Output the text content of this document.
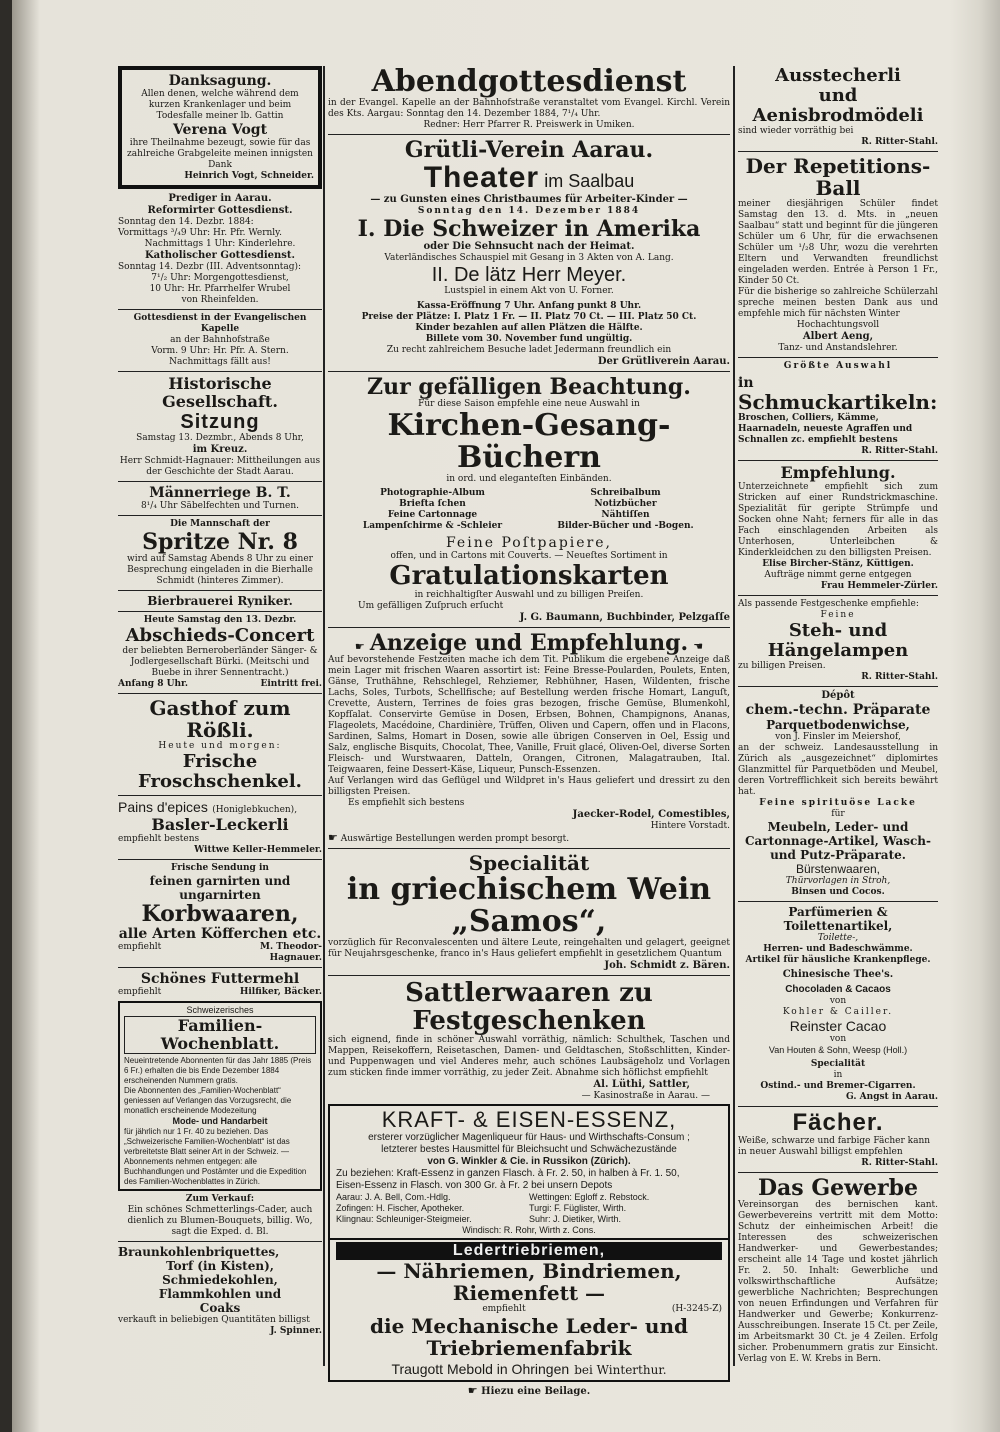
Danksagung.
Allen denen, welche während dem kurzen Krankenlager und beim Todesfalle meiner lb. Gattin
Verena Vogt
ihre Theilnahme bezeugt, sowie für das zahlreiche Grabgeleite meinen innigsten Dank
Heinrich Vogt, Schneider.
Prediger in Aarau.
Reformirter Gottesdienst.
Sonntag den 14. Dezbr. 1884:
Vormittags ³/₄9 Uhr: Hr. Pfr. Wernly.
Nachmittags 1 Uhr: Kinderlehre.
Katholischer Gottesdienst.
Sonntag 14. Dezbr (III. Adventsonntag):
7¹/₂ Uhr: Morgengottesdienst,
10 Uhr: Hr. Pfarrhelfer Wrubel
von Rheinfelden.
Gottesdienst in der Evangelischen Kapelle
an der Bahnhofstraße
Vorm. 9 Uhr: Hr. Pfr. A. Stern.
Nachmittags fällt aus!
Historische Gesellschaft.
Sitzung
Samstag 13. Dezmbr., Abends 8 Uhr,
im Kreuz.
Herr Schmidt-Hagnauer: Mittheilungen aus der Geschichte der Stadt Aarau.
Männerriege B. T.
8¹/₄ Uhr Säbelfechten und Turnen.
Die Mannschaft der
Spritze Nr. 8
wird auf Samstag Abends 8 Uhr zu einer Besprechung eingeladen in die Bierhalle Schmidt (hinteres Zimmer).
Bierbrauerei Ryniker.
Heute Samstag den 13. Dezbr.
Abschieds-Concert
der beliebten Berneroberländer Sänger- & Jodlergesellschaft Bürki. (Meitschi und Buebe in ihrer Sennentracht.)
Anfang 8 Uhr.	Eintritt frei.
Gasthof zum Rößli.
Heute und morgen:
Frische Froschschenkel.
Pains d'epices (Honiglebkuchen),
Basler-Leckerli
empfiehlt bestens
Wittwe Keller-Hemmeler.
Frische Sendung in
feinen garnirten und ungarnirten
Korbwaaren,
alle Arten Köfferchen etc.
empfiehlt	M. Theodor-Hagnauer.
Schönes Futtermehl
empfiehlt	Hilfiker, Bäcker.
Schweizerisches
Familien-Wochenblatt.
Neueintretende Abonnenten für das Jahr 1885 (Preis 6 Fr.) erhalten die bis Ende Dezember 1884 erscheinenden Nummern gratis.
Die Abonnenten des „Familien-Wochenblatt“ geniessen auf Verlangen das Vorzugsrecht, die monatlich erscheinende Modezeitung
Mode- und Handarbeit
für jährlich nur 1 Fr. 40 zu beziehen. Das „Schweizerische Familien-Wochenblatt“ ist das verbreitetste Blatt seiner Art in der Schweiz. — Abonnements nehmen entgegen: alle Buchhandlungen und Postämter und die Expedition des Familien-Wochenblattes in Zürich.
Zum Verkauf:
Ein schönes Schmetterlings-Cader, auch dienlich zu Blumen-Bouquets, billig. Wo, sagt die Exped. d. Bl.
Braunkohlenbriquettes,
Torf (in Kisten),
Schmiedekohlen,
Flammkohlen und
Coaks
verkauft in beliebigen Quantitäten billigst
J. Spinner.
Abendgottesdienst
in der Evangel. Kapelle an der Bahnhofstraße veranstaltet vom Evangel. Kirchl. Verein des Kts. Aargau: Sonntag den 14. Dezember 1884, 7¹/₄ Uhr.
Redner: Herr Pfarrer R. Preiswerk in Umiken.
Grütli-Verein Aarau.
Theater im Saalbau
— zu Gunsten eines Christbaumes für Arbeiter-Kinder —
Sonntag den 14. Dezember 1884
I. Die Schweizer in Amerika
oder Die Sehnsucht nach der Heimat.
Vaterländisches Schauspiel mit Gesang in 3 Akten von A. Lang.
II. De lätz Herr Meyer.
Lustspiel in einem Akt von U. Forner.
Kassa-Eröffnung 7 Uhr. Anfang punkt 8 Uhr.
Preise der Plätze: I. Platz 1 Fr. — II. Platz 70 Ct. — III. Platz 50 Ct.
Kinder bezahlen auf allen Plätzen die Hälfte.
Billete vom 30. November fund ungültig.
Zu recht zahlreichem Besuche ladet Jedermann freundlich ein
Der Grütliverein Aarau.
Zur gefälligen Beachtung.
Für diese Saison empfehle eine neue Auswahl in
Kirchen-Gesang-Büchern
in ord. und eleganteſten Einbänden.
Photographie-Album
Briefta ſchen
Feine Cartonnage
Lampenſchirme & -Schleier
Schreibalbum
Notizbücher
Nähtiſſen
Bilder-Bücher und -Bogen.
Feine Poſtpapiere,
offen, und in Cartons mit Couverts. — Neueſtes Sortiment in
Gratulationskarten
in reichhaltigſter Auswahl und zu billigen Preiſen.
Um gefälligen Zuſpruch erſucht
J. G. Baumann, Buchbinder, Pelzgaſſe
☛ Anzeige und Empfehlung. ☚
Auf bevorstehende Festzeiten mache ich dem Tit. Publikum die ergebene Anzeige daß mein Lager mit frischen Waaren assortirt ist: Feine Bresse-Poularden, Poulets, Enten, Gänse, Truthähne, Rehschlegel, Rehziemer, Rebhühner, Hasen, Wildenten, frische Lachs, Soles, Turbots, Schellfische; auf Bestellung werden frische Homart, Languſt, Crevette, Austern, Terrines de foies gras bezogen, frische Gemüse, Blumenkohl, Kopfſalat. Conservirte Gemüse in Dosen, Erbsen, Bohnen, Champignons, Ananas, Flageolets, Macédoine, Chardinière, Trüffen, Oliven und Capern, offen und in Flacons, Sardinen, Salms, Homart in Dosen, sowie alle übrigen Conserven in Oel, Essig und Salz, englische Bisquits, Chocolat, Thee, Vanille, Fruit glacé, Oliven-Oel, diverse Sorten Fleisch- und Wurstwaaren, Datteln, Orangen, Citronen, Malagatrauben, Ital. Teigwaaren, feine Dessert-Käse, Liqueur, Punsch-Essenzen.
Auf Verlangen wird das Geflügel und Wildpret in's Haus geliefert und dressirt zu den billigsten Preisen.
Es empfiehlt sich bestens
Jaecker-Rodel, Comestibles,
Hintere Vorstadt.
☛ Auswärtige Bestellungen werden prompt besorgt.
Specialität
in griechischem Wein „Samos“,
vorzüglich für Reconvalescenten und ältere Leute, reingehalten und gelagert, geeignet für Neujahrsgeschenke, franco in's Haus geliefert empfiehlt in gesetzlichem Quantum
Joh. Schmidt z. Bären.
Sattlerwaaren zu Festgeschenken
sich eignend, finde in schöner Auswahl vorräthig, nämlich: Schulthek, Taschen und Mappen, Reisekoffern, Reisetaschen, Damen- und Geldtaschen, Stoßschlitten, Kinder- und Puppenwagen und viel Anderes mehr, auch schönes Laubsägeholz und Vorlagen zum sticken finde immer vorräthig, zu jeder Zeit. Abnahme sich höflichst empfiehlt
Al. Lüthi, Sattler,
— Kasinostraße in Aarau. —
KRAFT- & EISEN-ESSENZ,
ersterer vorzüglicher Magenliqueur für Haus- und Wirthschafts-Consum ;
letzterer bestes Hausmittel für Bleichsucht und Schwächezustände
von G. Winkler & Cie. in Russikon (Zürich).
Zu beziehen: Kraft-Essenz in ganzen Flasch. à Fr. 2. 50, in halben à Fr. 1. 50,
Eisen-Essenz in Flasch. von 300 Gr. à Fr. 2 bei unsern Depots
Aarau: J. A. Bell, Com.-Hdlg.	Wettingen: Egloff z. Rebstock.
Zofingen: H. Fischer, Apotheker.	Turgi: F. Füglister, Wirth.
Klingnau: Schleuniger-Steigmeier.	Suhr: J. Dietiker, Wirth.
Windisch: R. Rohr, Wirth z. Cons.
Ledertriebriemen,
— Nähriemen, Bindriemen, Riemenfett —
empfiehlt	(H-3245-Z)
die Mechanische Leder- und Triebriemenfabrik
Traugott Mebold in Ohringen bei Winterthur.
☛ Hiezu eine Beilage.
Ausstecherli
und Aenisbrodmödeli
sind wieder vorräthig bei
R. Ritter-Stahl.
Der Repetitions-Ball
meiner diesjährigen Schüler findet Samstag den 13. d. Mts. in „neuen Saalbau“ statt und beginnt für die jüngeren Schüler um 6 Uhr, für die erwachsenen Schüler um ¹/₂8 Uhr, wozu die verehrten Eltern und Verwandten freundlichst eingeladen werden. Entrée à Person 1 Fr., Kinder 50 Ct.
Für die bisherige so zahlreiche Schülerzahl spreche meinen besten Dank aus und empfehle mich für nächsten Winter
Hochachtungsvoll
Albert Aeng,
Tanz- und Anstandslehrer.
Größte Auswahl
in Schmuckartikeln:
Broschen, Colliers, Kämme, Haarnadeln, neueste Agraffen und Schnallen zc. empfiehlt bestens
R. Ritter-Stahl.
Empfehlung.
Unterzeichnete empfiehlt sich zum Stricken auf einer Rundstrickmaschine. Spezialität für geripte Strümpfe und Socken ohne Naht; ferners für alle in das Fach einschlagenden Arbeiten als Unterhosen, Unterleibchen & Kinderkleidchen zu den billigsten Preisen.
Elise Bircher-Stänz, Küttigen.
Aufträge nimmt gerne entgegen
Frau Hemmeler-Zürler.
Als passende Festgeschenke empfiehle:
Feine
Steh- und Hängelampen
zu billigen Preisen.
R. Ritter-Stahl.
Dépôt
chem.-techn. Präparate
Parquetbodenwichse,
von J. Finsler im Meiershof,
an der schweiz. Landesausstellung in Zürich als „ausgezeichnet“ diplomirtes Glanzmittel für Parquetböden und Meubel, deren Vortrefflichkeit sich bereits bewährt hat.
Feine spirituöse Lacke
für
Meubeln, Leder- und Cartonnage-Artikel, Wasch- und Putz-Präparate.
Bürstenwaaren,
Thürvorlagen in Stroh,
Binsen und Cocos.
Parfümerien & Toilettenartikel,
Toilette-,
Herren- und Badeschwämme.
Artikel für häusliche Krankenpflege.
Chinesische Thee's.
Chocoladen & Cacaos
von
Kohler & Cailler.
Reinster Cacao
von
Van Houten & Sohn, Weesp (Holl.)
Specialität
in
Ostind.- und Bremer-Cigarren.
G. Angst in Aarau.
Fächer.
Weiße, schwarze und farbige Fächer kann in neuer Auswahl billigst empfehlen
R. Ritter-Stahl.
Das Gewerbe
Vereinsorgan des bernischen kant. Gewerbevereins vertritt mit dem Motto: Schutz der einheimischen Arbeit! die Interessen des schweizerischen Handwerker- und Gewerbestandes; erscheint alle 14 Tage und kostet jährlich Fr. 2. 50. Inhalt: Gewerbliche und volkswirthschaftliche Aufsätze; gewerbliche Nachrichten; Besprechungen von neuen Erfindungen und Verfahren für Handwerker und Gewerbe; Konkurrenz-Ausschreibungen. Inserate 15 Ct. per Zeile, im Arbeitsmarkt 30 Ct. je 4 Zeilen. Erfolg sicher. Probenummern gratis zur Einsicht. Verlag von E. W. Krebs in Bern.
